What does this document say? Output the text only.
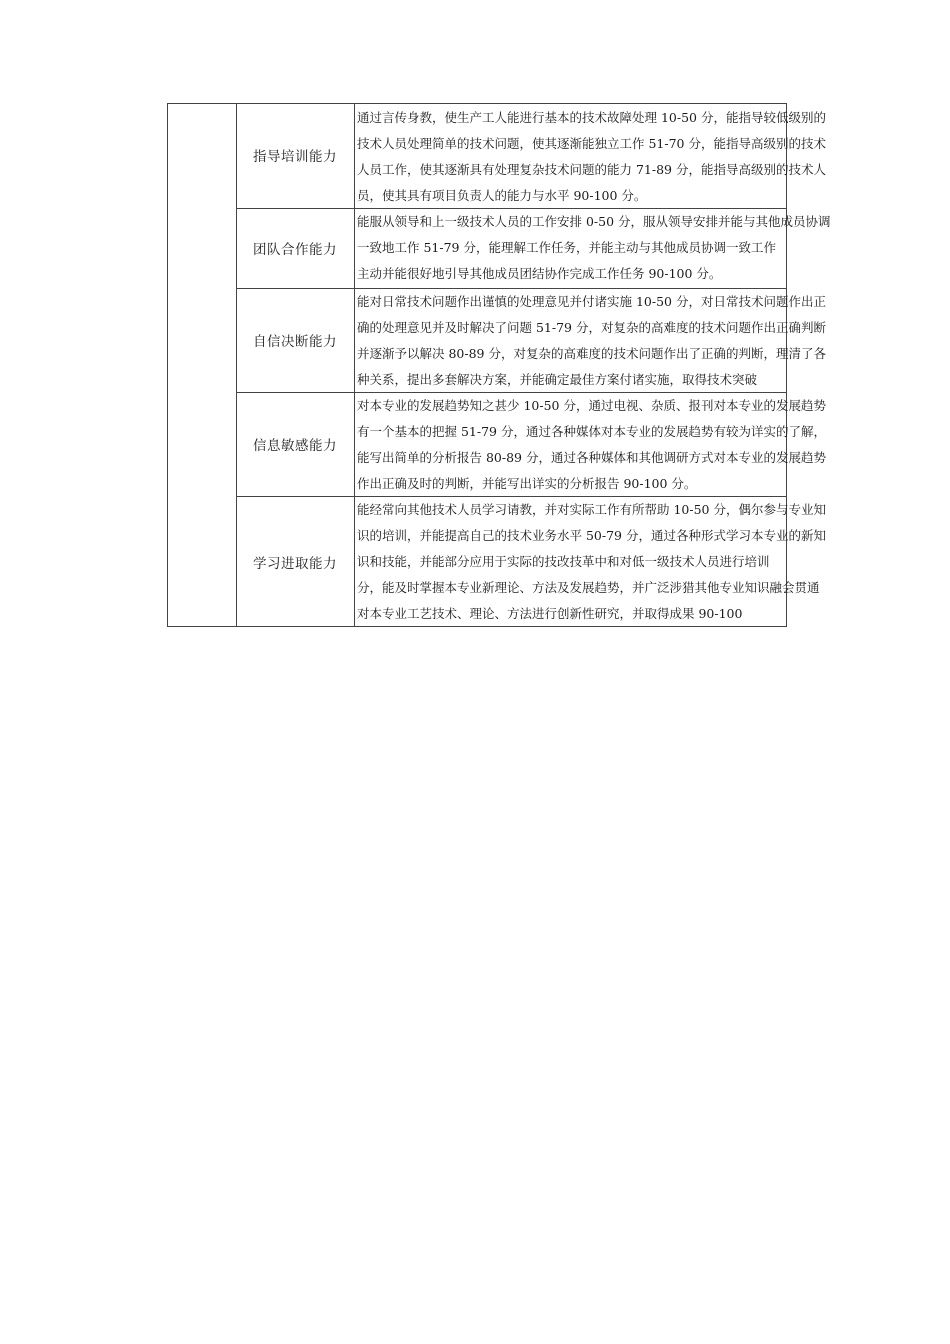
指导培训能力
通过言传身教，使生产工人能进行基本的技术故障处理 10-50 分，能指导较低级别的
技术人员处理简单的技术问题，使其逐渐能独立工作 51-70 分，能指导高级别的技术
人员工作，使其逐渐具有处理复杂技术问题的能力 71-89 分，能指导高级别的技术人
员，使其具有项目负责人的能力与水平 90-100 分。
团队合作能力
能服从领导和上一级技术人员的工作安排 0-50 分，服从领导安排并能与其他成员协调
一致地工作 51-79 分，能理解工作任务，并能主动与其他成员协调一致工作
主动并能很好地引导其他成员团结协作完成工作任务 90-100 分。
自信决断能力
能对日常技术问题作出谨慎的处理意见并付诸实施 10-50 分，对日常技术问题作出正
确的处理意见并及时解决了问题 51-79 分，对复杂的高难度的技术问题作出正确判断
并逐渐予以解决 80-89 分，对复杂的高难度的技术问题作出了正确的判断，理清了各
种关系，提出多套解决方案，并能确定最佳方案付诸实施，取得技术突破
信息敏感能力
对本专业的发展趋势知之甚少 10-50 分，通过电视、杂质、报刊对本专业的发展趋势
有一个基本的把握 51-79 分，通过各种媒体对本专业的发展趋势有较为详实的了解，
能写出简单的分析报告 80-89 分，通过各种媒体和其他调研方式对本专业的发展趋势
作出正确及时的判断，并能写出详实的分析报告 90-100 分。
学习进取能力
能经常向其他技术人员学习请教，并对实际工作有所帮助 10-50 分，偶尔参与专业知
识的培训，并能提高自己的技术业务水平 50-79 分，通过各种形式学习本专业的新知
识和技能，并能部分应用于实际的技改技革中和对低一级技术人员进行培训
分，能及时掌握本专业新理论、方法及发展趋势，并广泛涉猎其他专业知识融会贯通
对本专业工艺技术、理论、方法进行创新性研究，并取得成果 90-100
